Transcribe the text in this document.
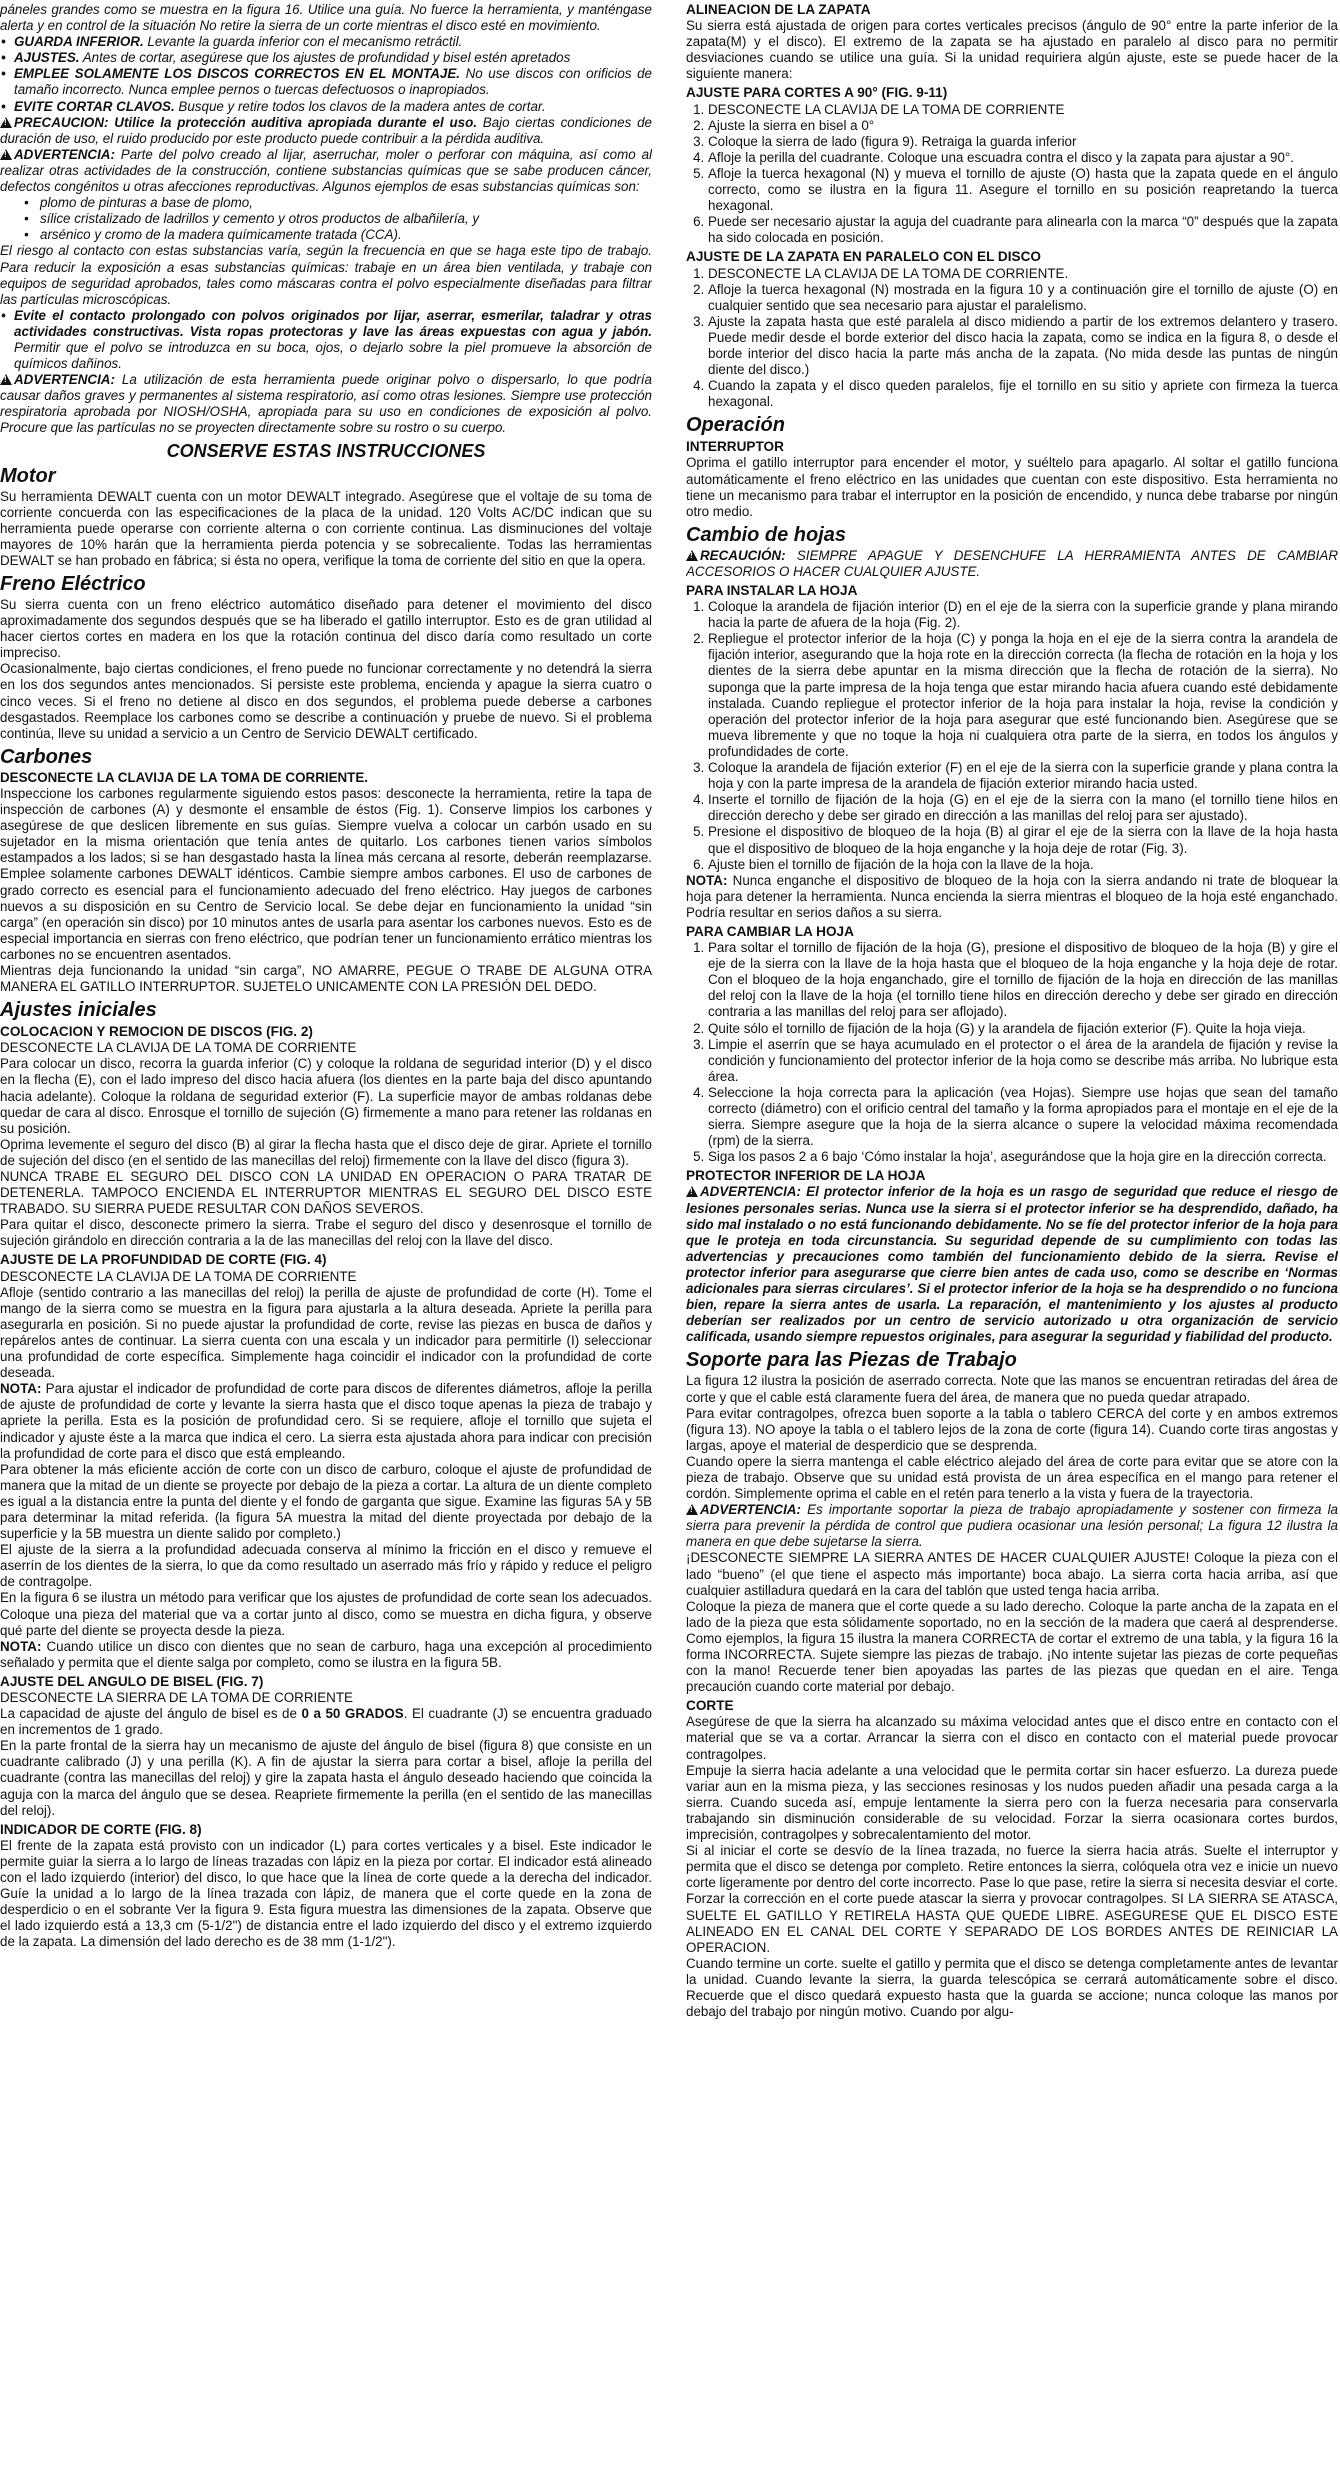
páneles grandes como se muestra en la figura 16. Utilice una guía. No fuerce la herramienta, y manténgase alerta y en control de la situación No retire la sierra de un corte mientras el disco esté en movimiento.

• GUARDA INFERIOR. Levante la guarda inferior con el mecanismo retráctil.

• AJUSTES. Antes de cortar, asegúrese que los ajustes de profundidad y bisel estén apretados

• EMPLEE SOLAMENTE LOS DISCOS CORRECTOS EN EL MONTAJE. No use discos con orificios de tamaño incorrecto. Nunca emplee pernos o tuercas defectuosos o inapropiados.

• EVITE CORTAR CLAVOS. Busque y retire todos los clavos de la madera antes de cortar.

!PRECAUCION: Utilice la protección auditiva apropiada durante el uso. Bajo ciertas condiciones de duración de uso, el ruido producido por este producto puede contribuir a la pérdida auditiva.

!ADVERTENCIA: Parte del polvo creado al lijar, aserruchar, moler o perforar con máquina, así como al realizar otras actividades de la construcción, contiene substancias químicas que se sabe producen cáncer, defectos congénitos u otras afecciones reproductivas. Algunos ejemplos de esas substancias químicas son:

• plomo de pinturas a base de plomo,

• sílice cristalizado de ladrillos y cemento y otros productos de albañilería, y

• arsénico y cromo de la madera químicamente tratada (CCA).

El riesgo al contacto con estas substancias varía, según la frecuencia en que se haga este tipo de trabajo. Para reducir la exposición a esas substancias químicas: trabaje en un área bien ventilada, y trabaje con equipos de seguridad aprobados, tales como máscaras contra el polvo especialmente diseñadas para filtrar las partículas microscópicas.

• Evite el contacto prolongado con polvos originados por lijar, aserrar, esmerilar, taladrar y otras actividades constructivas. Vista ropas protectoras y lave las áreas expuestas con agua y jabón. Permitir que el polvo se introduzca en su boca, ojos, o dejarlo sobre la piel promueve la absorción de químicos dañinos.

!ADVERTENCIA: La utilización de esta herramienta puede originar polvo o dispersarlo, lo que podría causar daños graves y permanentes al sistema respiratorio, así como otras lesiones. Siempre use protección respiratoria aprobada por NIOSH/OSHA, apropiada para su uso en condiciones de exposición al polvo. Procure que las partículas no se proyecten directamente sobre su rostro o su cuerpo.

CONSERVE ESTAS INSTRUCCIONES
Motor

Su herramienta DEWALT cuenta con un motor DEWALT integrado. Asegúrese que el voltaje de su toma de corriente concuerda con las especificaciones de la placa de la unidad. 120 Volts AC/DC indican que su herramienta puede operarse con corriente alterna o con corriente continua. Las disminuciones del voltaje mayores de 10% harán que la herramienta pierda potencia y se sobrecaliente. Todas las herramientas DEWALT se han probado en fábrica; si ésta no opera, verifique la toma de corriente del sitio en que la opera.

Freno Eléctrico

Su sierra cuenta con un freno eléctrico automático diseñado para detener el movimiento del disco aproximadamente dos segundos después que se ha liberado el gatillo interruptor. Esto es de gran utilidad al hacer ciertos cortes en madera en los que la rotación continua del disco daría como resultado un corte impreciso.

Ocasionalmente, bajo ciertas condiciones, el freno puede no funcionar correctamente y no detendrá la sierra en los dos segundos antes mencionados. Si persiste este problema, encienda y apague la sierra cuatro o cinco veces. Si el freno no detiene al disco en dos segundos, el problema puede deberse a carbones desgastados. Reemplace los carbones como se describe a continuación y pruebe de nuevo. Si el problema continúa, lleve su unidad a servicio a un Centro de Servicio DEWALT certificado.

Carbones

DESCONECTE LA CLAVIJA DE LA TOMA DE CORRIENTE.

Inspeccione los carbones regularmente siguiendo estos pasos: desconecte la herramienta, retire la tapa de inspección de carbones (A) y desmonte el ensamble de éstos (Fig. 1). Conserve limpios los carbones y asegúrese de que deslicen libremente en sus guías. Siempre vuelva a colocar un carbón usado en su sujetador en la misma orientación que tenía antes de quitarlo. Los carbones tienen varios símbolos estampados a los lados; si se han desgastado hasta la línea más cercana al resorte, deberán reemplazarse. Emplee solamente carbones DEWALT idénticos. Cambie siempre ambos carbones. El uso de carbones de grado correcto es esencial para el funcionamiento adecuado del freno eléctrico. Hay juegos de carbones nuevos a su disposición en su Centro de Servicio local. Se debe dejar en funcionamiento la unidad “sin carga” (en operación sin disco) por 10 minutos antes de usarla para asentar los carbones nuevos. Esto es de especial importancia en sierras con freno eléctrico, que podrían tener un funcionamiento errático mientras los carbones no se encuentren asentados.

Mientras deja funcionando la unidad “sin carga”, NO AMARRE, PEGUE O TRABE DE ALGUNA OTRA MANERA EL GATILLO INTERRUPTOR. SUJETELO UNICAMENTE CON LA PRESIÓN DEL DEDO.

Ajustes iniciales
COLOCACION Y REMOCION DE DISCOS (FIG. 2)

DESCONECTE LA CLAVIJA DE LA TOMA DE CORRIENTE

Para colocar un disco, recorra la guarda inferior (C) y coloque la roldana de seguridad interior (D) y el disco en la flecha (E), con el lado impreso del disco hacia afuera (los dientes en la parte baja del disco apuntando hacia adelante). Coloque la roldana de seguridad exterior (F). La superficie mayor de ambas roldanas debe quedar de cara al disco. Enrosque el tornillo de sujeción (G) firmemente a mano para retener las roldanas en su posición.

Oprima levemente el seguro del disco (B) al girar la flecha hasta que el disco deje de girar. Apriete el tornillo de sujeción del disco (en el sentido de las manecillas del reloj) firmemente con la llave del disco (figura 3).

NUNCA TRABE EL SEGURO DEL DISCO CON LA UNIDAD EN OPERACION O PARA TRATAR DE DETENERLA. TAMPOCO ENCIENDA EL INTERRUPTOR MIENTRAS EL SEGURO DEL DISCO ESTE TRABADO. SU SIERRA PUEDE RESULTAR CON DAÑOS SEVEROS.

Para quitar el disco, desconecte primero la sierra. Trabe el seguro del disco y desenrosque el tornillo de sujeción girándolo en dirección contraria a la de las manecillas del reloj con la llave del disco.

AJUSTE DE LA PROFUNDIDAD DE CORTE (FIG. 4)

DESCONECTE LA CLAVIJA DE LA TOMA DE CORRIENTE

Afloje (sentido contrario a las manecillas del reloj) la perilla de ajuste de profundidad de corte (H). Tome el mango de la sierra como se muestra en la figura para ajustarla a la altura deseada. Apriete la perilla para asegurarla en posición. Si no puede ajustar la profundidad de corte, revise las piezas en busca de daños y repárelos antes de continuar. La sierra cuenta con una escala y un indicador para permitirle (I) seleccionar una profundidad de corte específica. Simplemente haga coincidir el indicador con la profundidad de corte deseada.

NOTA: Para ajustar el indicador de profundidad de corte para discos de diferentes diámetros, afloje la perilla de ajuste de profundidad de corte y levante la sierra hasta que el disco toque apenas la pieza de trabajo y apriete la perilla. Esta es la posición de profundidad cero. Si se requiere, afloje el tornillo que sujeta el indicador y ajuste éste a la marca que indica el cero. La sierra esta ajustada ahora para indicar con precisión la profundidad de corte para el disco que está empleando.

Para obtener la más eficiente acción de corte con un disco de carburo, coloque el ajuste de profundidad de manera que la mitad de un diente se proyecte por debajo de la pieza a cortar. La altura de un diente completo es igual a la distancia entre la punta del diente y el fondo de garganta que sigue. Examine las figuras 5A y 5B para determinar la mitad referida. (la figura 5A muestra la mitad del diente proyectada por debajo de la superficie y la 5B muestra un diente salido por completo.)

El ajuste de la sierra a la profundidad adecuada conserva al mínimo la fricción en el disco y remueve el aserrín de los dientes de la sierra, lo que da como resultado un aserrado más frío y rápido y reduce el peligro de contragolpe.

En la figura 6 se ilustra un método para verificar que los ajustes de profundidad de corte sean los adecuados. Coloque una pieza del material que va a cortar junto al disco, como se muestra en dicha figura, y observe qué parte del diente se proyecta desde la pieza.

NOTA: Cuando utilice un disco con dientes que no sean de carburo, haga una excepción al procedimiento señalado y permita que el diente salga por completo, como se ilustra en la figura 5B.

AJUSTE DEL ANGULO DE BISEL (FIG. 7)

DESCONECTE LA SIERRA DE LA TOMA DE CORRIENTE

La capacidad de ajuste del ángulo de bisel es de 0 a 50 GRADOS. El cuadrante (J) se encuentra graduado en incrementos de 1 grado.

En la parte frontal de la sierra hay un mecanismo de ajuste del ángulo de bisel (figura 8) que consiste en un cuadrante calibrado (J) y una perilla (K). A fin de ajustar la sierra para cortar a bisel, afloje la perilla del cuadrante (contra las manecillas del reloj) y gire la zapata hasta el ángulo deseado haciendo que coincida la aguja con la marca del ángulo que se desea. Reapriete firmemente la perilla (en el sentido de las manecillas del reloj).

INDICADOR DE CORTE (FIG. 8)

El frente de la zapata está provisto con un indicador (L) para cortes verticales y a bisel. Este indicador le permite guiar la sierra a lo largo de líneas trazadas con lápiz en la pieza por cortar. El indicador está alineado con el lado izquierdo (interior) del disco, lo que hace que la línea de corte quede a la derecha del indicador. Guíe la unidad a lo largo de la línea trazada con lápiz, de manera que el corte quede en la zona de desperdicio o en el sobrante Ver la figura 9. Esta figura muestra las dimensiones de la zapata. Observe que el lado izquierdo está a 13,3 cm (5-1/2") de distancia entre el lado izquierdo del disco y el extremo izquierdo de la zapata. La dimensión del lado derecho es de 38 mm (1-1/2").

ALINEACION DE LA ZAPATA

Su sierra está ajustada de origen para cortes verticales precisos (ángulo de 90° entre la parte inferior de la zapata(M) y el disco). El extremo de la zapata se ha ajustado en paralelo al disco para no permitir desviaciones cuando se utilice una guía. Si la unidad requiriera algún ajuste, este se puede hacer de la siguiente manera:

AJUSTE PARA CORTES A 90° (FIG. 9-11)
1. DESCONECTE LA CLAVIJA DE LA TOMA DE CORRIENTE
2. Ajuste la sierra en bisel a 0°
3. Coloque la sierra de lado (figura 9). Retraiga la guarda inferior
4. Afloje la perilla del cuadrante. Coloque una escuadra contra el disco y la zapata para ajustar a 90°.
5. Afloje la tuerca hexagonal (N) y mueva el tornillo de ajuste (O) hasta que la zapata quede en el ángulo correcto, como se ilustra en la figura 11. Asegure el tornillo en su posición reapretando la tuerca hexagonal.
6. Puede ser necesario ajustar la aguja del cuadrante para alinearla con la marca “0” después que la zapata ha sido colocada en posición.
AJUSTE DE LA ZAPATA EN PARALELO CON EL DISCO
1. DESCONECTE LA CLAVIJA DE LA TOMA DE CORRIENTE.
2. Afloje la tuerca hexagonal (N) mostrada en la figura 10 y a continuación gire el tornillo de ajuste (O) en cualquier sentido que sea necesario para ajustar el paralelismo.
3. Ajuste la zapata hasta que esté paralela al disco midiendo a partir de los extremos delantero y trasero. Puede medir desde el borde exterior del disco hacia la zapata, como se indica en la figura 8, o desde el borde interior del disco hacia la parte más ancha de la zapata. (No mida desde las puntas de ningún diente del disco.)
4. Cuando la zapata y el disco queden paralelos, fije el tornillo en su sitio y apriete con firmeza la tuerca hexagonal.
Operación
INTERRUPTOR

Oprima el gatillo interruptor para encender el motor, y suéltelo para apagarlo. Al soltar el gatillo funciona automáticamente el freno eléctrico en las unidades que cuentan con este dispositivo. Esta herramienta no tiene un mecanismo para trabar el interruptor en la posición de encendido, y nunca debe trabarse por ningún otro medio.

Cambio de hojas

!RECAUCIÓN: SIEMPRE APAGUE Y DESENCHUFE LA HERRAMIENTA ANTES DE CAMBIAR ACCESORIOS O HACER CUALQUIER AJUSTE.

PARA INSTALAR LA HOJA
1. Coloque la arandela de fijación interior (D) en el eje de la sierra con la superficie grande y plana mirando hacia la parte de afuera de la hoja (Fig. 2).
2. Repliegue el protector inferior de la hoja (C) y ponga la hoja en el eje de la sierra contra la arandela de fijación interior, asegurando que la hoja rote en la dirección correcta (la flecha de rotación en la hoja y los dientes de la sierra debe apuntar en la misma dirección que la flecha de rotación de la sierra). No suponga que la parte impresa de la hoja tenga que estar mirando hacia afuera cuando esté debidamente instalada. Cuando repliegue el protector inferior de la hoja para instalar la hoja, revise la condición y operación del protector inferior de la hoja para asegurar que esté funcionando bien. Asegúrese que se mueva libremente y que no toque la hoja ni cualquiera otra parte de la sierra, en todos los ángulos y profundidades de corte.
3. Coloque la arandela de fijación exterior (F) en el eje de la sierra con la superficie grande y plana contra la hoja y con la parte impresa de la arandela de fijación exterior mirando hacia usted.
4. Inserte el tornillo de fijación de la hoja (G) en el eje de la sierra con la mano (el tornillo tiene hilos en dirección derecho y debe ser girado en dirección a las manillas del reloj para ser ajustado).
5. Presione el dispositivo de bloqueo de la hoja (B) al girar el eje de la sierra con la llave de la hoja hasta que el dispositivo de bloqueo de la hoja enganche y la hoja deje de rotar (Fig. 3).
6. Ajuste bien el tornillo de fijación de la hoja con la llave de la hoja.

NOTA: Nunca enganche el dispositivo de bloqueo de la hoja con la sierra andando ni trate de bloquear la hoja para detener la herramienta. Nunca encienda la sierra mientras el bloqueo de la hoja esté enganchado. Podría resultar en serios daños a su sierra.

PARA CAMBIAR LA HOJA
1. Para soltar el tornillo de fijación de la hoja (G), presione el dispositivo de bloqueo de la hoja (B) y gire el eje de la sierra con la llave de la hoja hasta que el bloqueo de la hoja enganche y la hoja deje de rotar. Con el bloqueo de la hoja enganchado, gire el tornillo de fijación de la hoja en dirección de las manillas del reloj con la llave de la hoja (el tornillo tiene hilos en dirección derecho y debe ser girado en dirección contraria a las manillas del reloj para ser aflojado).
2. Quite sólo el tornillo de fijación de la hoja (G) y la arandela de fijación exterior (F). Quite la hoja vieja.
3. Limpie el aserrín que se haya acumulado en el protector o el área de la arandela de fijación y revise la condición y funcionamiento del protector inferior de la hoja como se describe más arriba. No lubrique esta área.
4. Seleccione la hoja correcta para la aplicación (vea Hojas). Siempre use hojas que sean del tamaño correcto (diámetro) con el orificio central del tamaño y la forma apropiados para el montaje en el eje de la sierra. Siempre asegure que la hoja de la sierra alcance o supere la velocidad máxima recomendada (rpm) de la sierra.
5. Siga los pasos 2 a 6 bajo ‘Cómo instalar la hoja’, asegurándose que la hoja gire en la dirección correcta.
PROTECTOR INFERIOR DE LA HOJA

!ADVERTENCIA: El protector inferior de la hoja es un rasgo de seguridad que reduce el riesgo de lesiones personales serias. Nunca use la sierra si el protector inferior se ha desprendido, dañado, ha sido mal instalado o no está funcionando debidamente. No se fíe del protector inferior de la hoja para que le proteja en toda circunstancia. Su seguridad depende de su cumplimiento con todas las advertencias y precauciones como también del funcionamiento debido de la sierra. Revise el protector inferior para asegurarse que cierre bien antes de cada uso, como se describe en ‘Normas adicionales para sierras circulares’. Si el protector inferior de la hoja se ha desprendido o no funciona bien, repare la sierra antes de usarla. La reparación, el mantenimiento y los ajustes al producto deberían ser realizados por un centro de servicio autorizado u otra organización de servicio calificada, usando siempre repuestos originales, para asegurar la seguridad y fiabilidad del producto.

Soporte para las Piezas de Trabajo

La figura 12 ilustra la posición de aserrado correcta. Note que las manos se encuentran retiradas del área de corte y que el cable está claramente fuera del área, de manera que no pueda quedar atrapado.

Para evitar contragolpes, ofrezca buen soporte a la tabla o tablero CERCA del corte y en ambos extremos (figura 13). NO apoye la tabla o el tablero lejos de la zona de corte (figura 14). Cuando corte tiras angostas y largas, apoye el material de desperdicio que se desprenda.

Cuando opere la sierra mantenga el cable eléctrico alejado del área de corte para evitar que se atore con la pieza de trabajo. Observe que su unidad está provista de un área específica en el mango para retener el cordón. Simplemente oprima el cable en el retén para tenerlo a la vista y fuera de la trayectoria.

!ADVERTENCIA: Es importante soportar la pieza de trabajo apropiadamente y sostener con firmeza la sierra para prevenir la pérdida de control que pudiera ocasionar una lesión personal; La figura 12 ilustra la manera en que debe sujetarse la sierra.

¡DESCONECTE SIEMPRE LA SIERRA ANTES DE HACER CUALQUIER AJUSTE! Coloque la pieza con el lado “bueno” (el que tiene el aspecto más importante) boca abajo. La sierra corta hacia arriba, así que cualquier astilladura quedará en la cara del tablón que usted tenga hacia arriba.

Coloque la pieza de manera que el corte quede a su lado derecho. Coloque la parte ancha de la zapata en el lado de la pieza que esta sólidamente soportado, no en la sección de la madera que caerá al desprenderse. Como ejemplos, la figura 15 ilustra la manera CORRECTA de cortar el extremo de una tabla, y la figura 16 la forma INCORRECTA. Sujete siempre las piezas de trabajo. ¡No intente sujetar las piezas de corte pequeñas con la mano! Recuerde tener bien apoyadas las partes de las piezas que quedan en el aire. Tenga precaución cuando corte material por debajo.

CORTE

Asegúrese de que la sierra ha alcanzado su máxima velocidad antes que el disco entre en contacto con el material que se va a cortar. Arrancar la sierra con el disco en contacto con el material puede provocar contragolpes.

Empuje la sierra hacia adelante a una velocidad que le permita cortar sin hacer esfuerzo. La dureza puede variar aun en la misma pieza, y las secciones resinosas y los nudos pueden añadir una pesada carga a la sierra. Cuando suceda así, empuje lentamente la sierra pero con la fuerza necesaria para conservarla trabajando sin disminución considerable de su velocidad. Forzar la sierra ocasionara cortes burdos, imprecisión, contragolpes y sobrecalentamiento del motor.

Si al iniciar el corte se desvío de la línea trazada, no fuerce la sierra hacia atrás. Suelte el interruptor y permita que el disco se detenga por completo. Retire entonces la sierra, colóquela otra vez e inicie un nuevo corte ligeramente por dentro del corte incorrecto. Pase lo que pase, retire la sierra si necesita desviar el corte. Forzar la corrección en el corte puede atascar la sierra y provocar contragolpes. SI LA SIERRA SE ATASCA, SUELTE EL GATILLO Y RETIRELA HASTA QUE QUEDE LIBRE. ASEGURESE QUE EL DISCO ESTE ALINEADO EN EL CANAL DEL CORTE Y SEPARADO DE LOS BORDES ANTES DE REINICIAR LA OPERACION.

Cuando termine un corte. suelte el gatillo y permita que el disco se detenga completamente antes de levantar la unidad. Cuando levante la sierra, la guarda telescópica se cerrará automáticamente sobre el disco. Recuerde que el disco quedará expuesto hasta que la guarda se accione; nunca coloque las manos por debajo del trabajo por ningún motivo. Cuando por algu-
